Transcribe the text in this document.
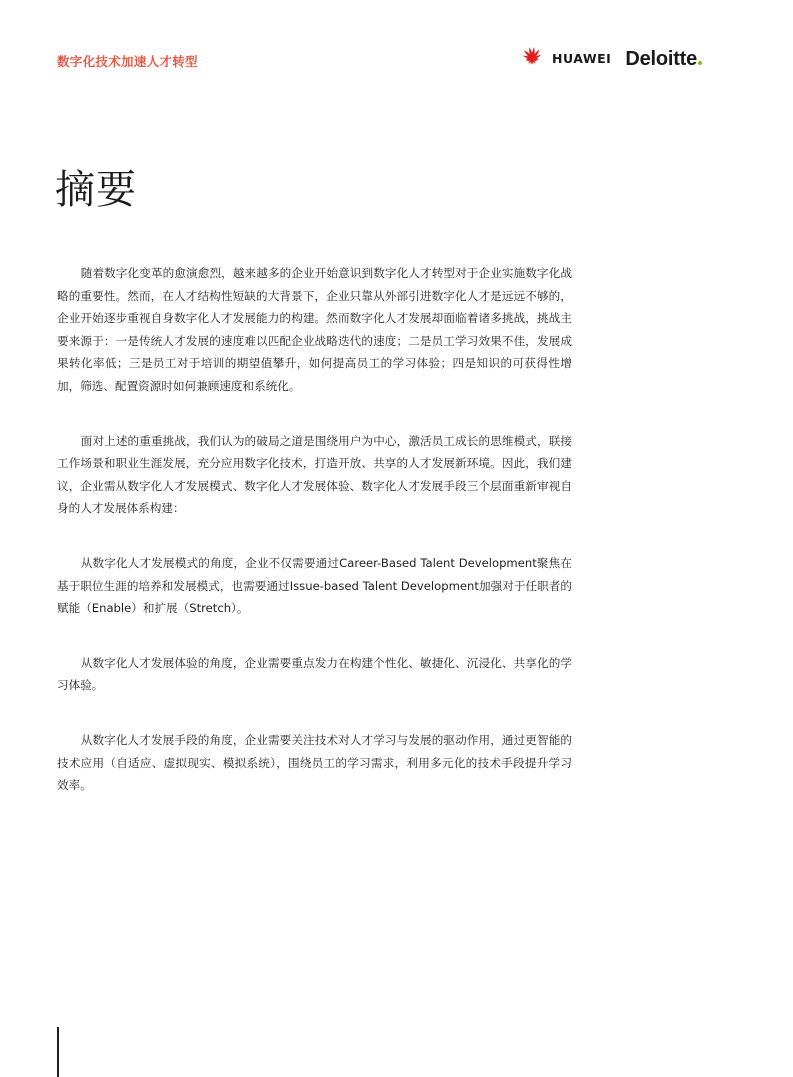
数字化技术加速人才转型	HUAWEI Deloitte
摘要

随着数字化变革的愈演愈烈，越来越多的企业开始意识到数字化人才转型对于企业实施数字化战略的重要性。然而，在人才结构性短缺的大背景下，企业只靠从外部引进数字化人才是远远不够的，企业开始逐步重视自身数字化人才发展能力的构建。然而数字化人才发展却面临着诸多挑战，挑战主要来源于：一是传统人才发展的速度难以匹配企业战略迭代的速度；二是员工学习效果不佳，发展成果转化率低；三是员工对于培训的期望值攀升，如何提高员工的学习体验；四是知识的可获得性增加，筛选、配置资源时如何兼顾速度和系统化。

面对上述的重重挑战，我们认为的破局之道是围绕用户为中心，激活员工成长的思维模式，联接工作场景和职业生涯发展，充分应用数字化技术，打造开放、共享的人才发展新环境。因此，我们建议，企业需从数字化人才发展模式、数字化人才发展体验、数字化人才发展手段三个层面重新审视自身的人才发展体系构建：

从数字化人才发展模式的角度，企业不仅需要通过Career-Based Talent Development聚焦在基于职位生涯的培养和发展模式，也需要通过Issue-based Talent Development加强对于任职者的赋能（Enable）和扩展（Stretch）。

从数字化人才发展体验的角度，企业需要重点发力在构建个性化、敏捷化、沉浸化、共享化的学习体验。

从数字化人才发展手段的角度，企业需要关注技术对人才学习与发展的驱动作用，通过更智能的技术应用（自适应、虚拟现实、模拟系统），围绕员工的学习需求，利用多元化的技术手段提升学习效率。
